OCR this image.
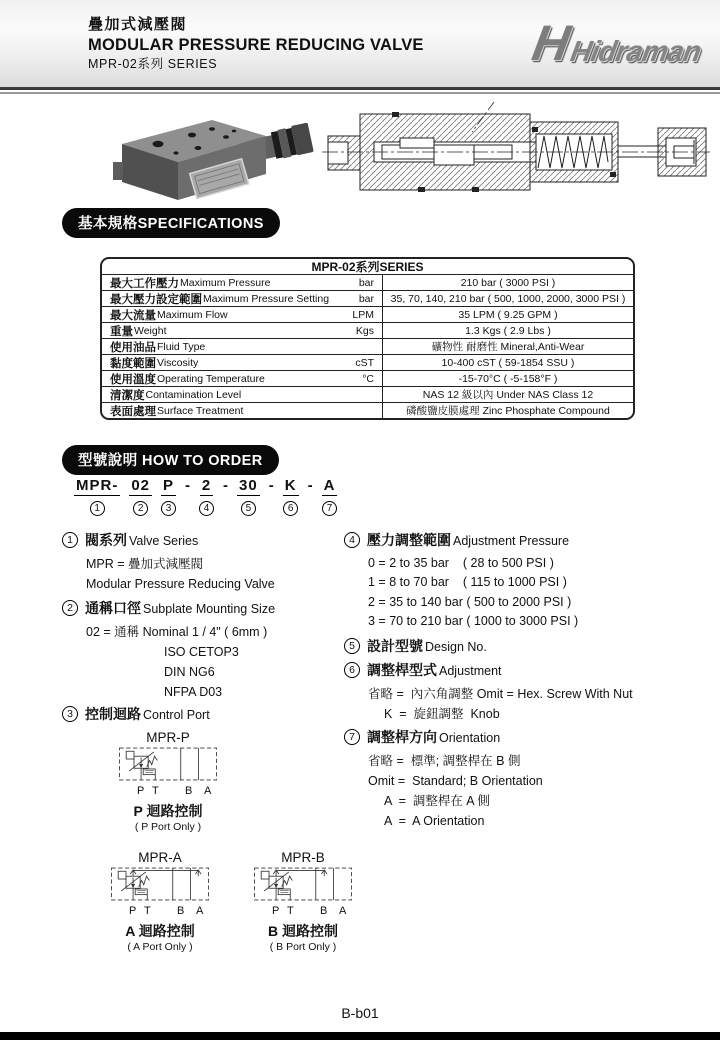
疊加式減壓閥
MODULAR PRESSURE REDUCING VALVE
MPR-02系列 SERIES	H
Hidraman
基本規格SPECIFICATIONS
MPR-02系列SERIES
最大工作壓力 Maximum Pressure	bar	210 bar ( 3000 PSI )
最大壓力設定範圍 Maximum Pressure Setting	bar	35, 70, 140, 210 bar ( 500, 1000, 2000, 3000 PSI )
最大流量 Maximum Flow	LPM	35 LPM ( 9.25 GPM )
重量 Weight	Kgs	1.3 Kgs ( 2.9 Lbs )
使用油品 Fluid Type	礦物性 耐磨性 Mineral,Anti-Wear
黏度範圍 Viscosity	cST	10-400 cST ( 59-1854 SSU )
使用溫度 Operating Temperature	°C	-15-70°C ( -5-158°F )
清潔度 Contamination Level	NAS 12 級以內 Under NAS Class 12
表面處理 Surface Treatment	磷酸鹽皮膜處理 Zinc Phosphate Compound
型號說明 HOW TO ORDER
MPR-
1
02
2
P
3
- 2
4
- 30
5
- K
6
- A
7
1 閥系列 Valve Series
MPR = 疊加式減壓閥
Modular Pressure Reducing Valve
2 通稱口徑 Subplate Mounting Size
02 = 通稱 Nominal 1 / 4" ( 6mm )
ISO CETOP3
DIN NG6
NFPA D03
3 控制迴路 Control Port
MPR-P
P T B A
P 迴路控制
( P Port Only )
MPR-A
P T B A
A 迴路控制
( A Port Only )
MPR-B
P T B A
B 迴路控制
( B Port Only )
4 壓力調整範圍 Adjustment Pressure
0 = 2 to 35 bar    ( 28 to 500 PSI )
1 = 8 to 70 bar    ( 115 to 1000 PSI )
2 = 35 to 140 bar ( 500 to 2000 PSI )
3 = 70 to 210 bar ( 1000 to 3000 PSI )
5 設計型號 Design No.
6 調整桿型式 Adjustment
省略 =  內六角調整 Omit = Hex. Screw With Nut
K  =  旋鈕調整  Knob
7 調整桿方向 Orientation
省略 =  標準; 調整桿在 B 側
Omit =  Standard; B Orientation
A  =  調整桿在 A 側
A  =  A Orientation
B-b01
